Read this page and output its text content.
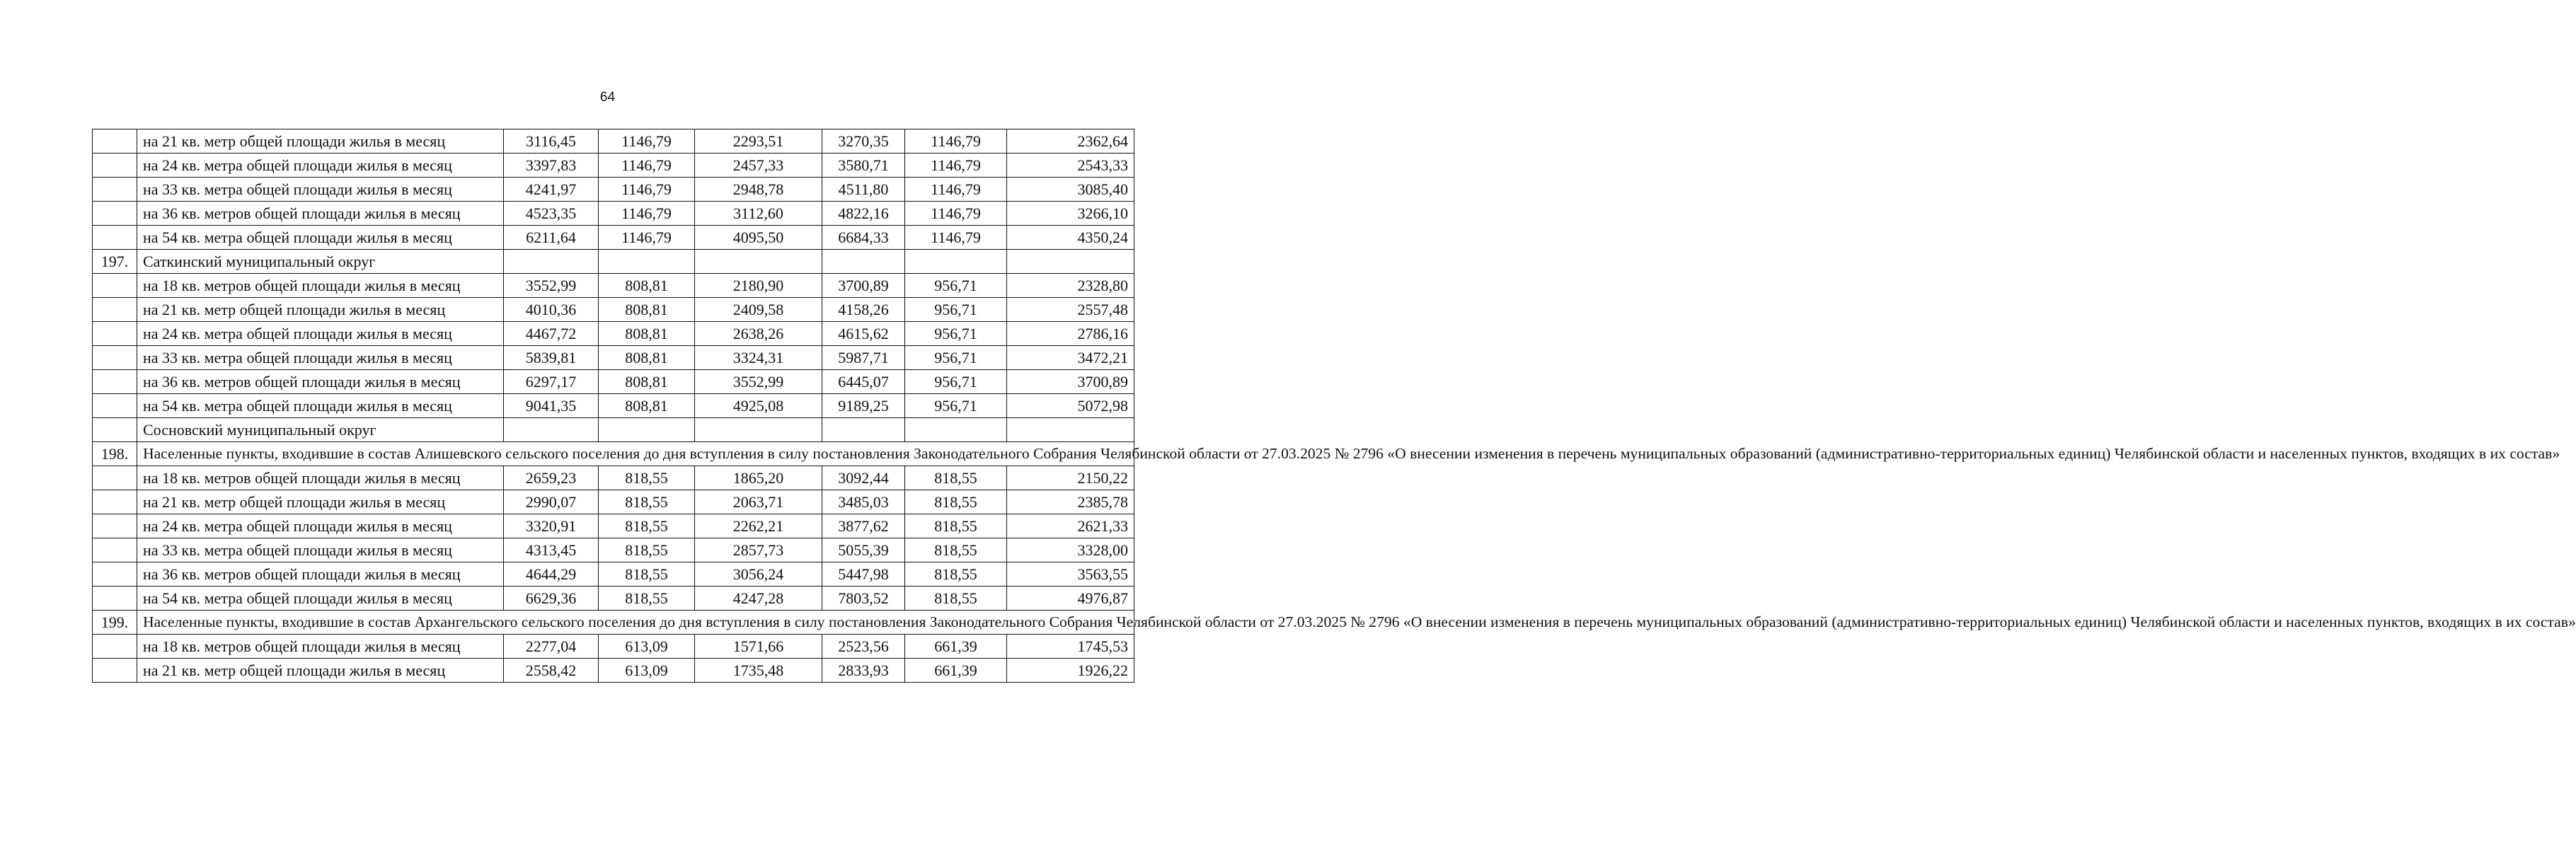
64
	на 21 кв. метр общей площади жилья в месяц	3116,45	1146,79	2293,51	3270,35	1146,79	2362,64
	на 24 кв. метра общей площади жилья в месяц	3397,83	1146,79	2457,33	3580,71	1146,79	2543,33
	на 33 кв. метра общей площади жилья в месяц	4241,97	1146,79	2948,78	4511,80	1146,79	3085,40
	на 36 кв. метров общей площади жилья в месяц	4523,35	1146,79	3112,60	4822,16	1146,79	3266,10
	на 54 кв. метра общей площади жилья в месяц	6211,64	1146,79	4095,50	6684,33	1146,79	4350,24
197.	Саткинский муниципальный округ						
	на 18 кв. метров общей площади жилья в месяц	3552,99	808,81	2180,90	3700,89	956,71	2328,80
	на 21 кв. метр общей площади жилья в месяц	4010,36	808,81	2409,58	4158,26	956,71	2557,48
	на 24 кв. метра общей площади жилья в месяц	4467,72	808,81	2638,26	4615,62	956,71	2786,16
	на 33 кв. метра общей площади жилья в месяц	5839,81	808,81	3324,31	5987,71	956,71	3472,21
	на 36 кв. метров общей площади жилья в месяц	6297,17	808,81	3552,99	6445,07	956,71	3700,89
	на 54 кв. метра общей площади жилья в месяц	9041,35	808,81	4925,08	9189,25	956,71	5072,98
	Сосновский муниципальный округ						
198.	Населенные пункты, входившие в состав Алишевского сельского поселения до дня вступления в силу постановления Законодательного Собрания Челябинской области от 27.03.2025 № 2796 «О внесении изменения в перечень муниципальных образований (административно-территориальных единиц) Челябинской области и населенных пунктов, входящих в их состав»						
	на 18 кв. метров общей площади жилья в месяц	2659,23	818,55	1865,20	3092,44	818,55	2150,22
	на 21 кв. метр общей площади жилья в месяц	2990,07	818,55	2063,71	3485,03	818,55	2385,78
	на 24 кв. метра общей площади жилья в месяц	3320,91	818,55	2262,21	3877,62	818,55	2621,33
	на 33 кв. метра общей площади жилья в месяц	4313,45	818,55	2857,73	5055,39	818,55	3328,00
	на 36 кв. метров общей площади жилья в месяц	4644,29	818,55	3056,24	5447,98	818,55	3563,55
	на 54 кв. метра общей площади жилья в месяц	6629,36	818,55	4247,28	7803,52	818,55	4976,87
199.	Населенные пункты, входившие в состав Архангельского сельского поселения до дня вступления в силу постановления Законодательного Собрания Челябинской области от 27.03.2025 № 2796 «О внесении изменения в перечень муниципальных образований (административно-территориальных единиц) Челябинской области и населенных пунктов, входящих в их состав»						
	на 18 кв. метров общей площади жилья в месяц	2277,04	613,09	1571,66	2523,56	661,39	1745,53
	на 21 кв. метр общей площади жилья в месяц	2558,42	613,09	1735,48	2833,93	661,39	1926,22
